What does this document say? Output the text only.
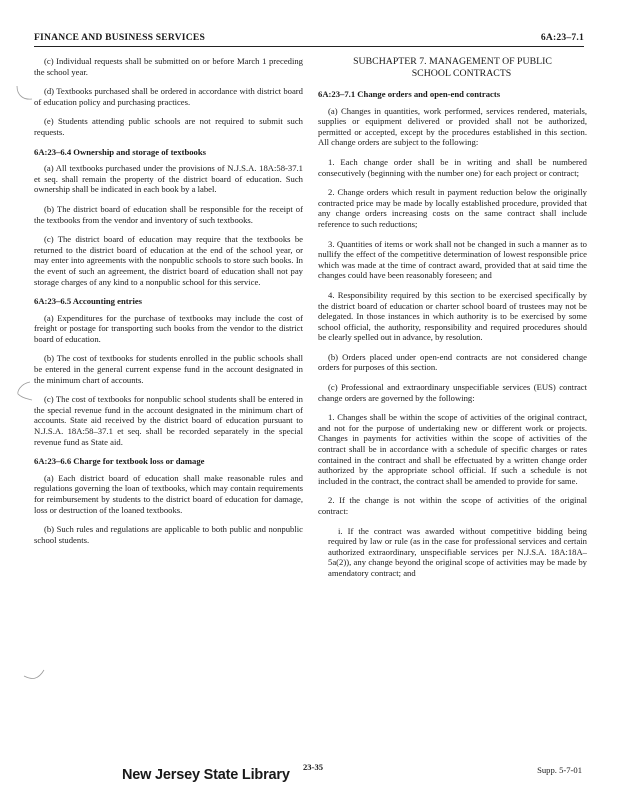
FINANCE AND BUSINESS SERVICES	6A:23–7.1

(c) Individual requests shall be submitted on or before March 1 preceding the school year.

(d) Textbooks purchased shall be ordered in accordance with district board of education policy and purchasing practices.

(e) Students attending public schools are not required to submit such requests.

6A:23–6.4 Ownership and storage of textbooks

(a) All textbooks purchased under the provisions of N.J.S.A. 18A:58-37.1 et seq. shall remain the property of the district board of education. Such ownership shall be indicated in each book by a label.

(b) The district board of education shall be responsible for the receipt of the textbooks from the vendor and inventory of such textbooks.

(c) The district board of education may require that the textbooks be returned to the district board of education at the end of the school year, or may enter into agreements with the nonpublic schools to store such books. In the event of such an agreement, the district board of education shall not pay storage charges of any kind to a nonpublic school for this service.

6A:23–6.5 Accounting entries

(a) Expenditures for the purchase of textbooks may include the cost of freight or postage for transporting such books from the vendor to the district board of education.

(b) The cost of textbooks for students enrolled in the public schools shall be entered in the general current expense fund in the account designated in the minimum chart of accounts.

(c) The cost of textbooks for nonpublic school students shall be entered in the special revenue fund in the account designated in the minimum chart of accounts. State aid received by the district board of education pursuant to N.J.S.A. 18A:58–37.1 et seq. shall be recorded separately in the special revenue fund as State aid.

6A:23–6.6 Charge for textbook loss or damage

(a) Each district board of education shall make reasonable rules and regulations governing the loan of textbooks, which may contain requirements for reimbursement by students to the district board of education for damage, loss or destruction of the loaned textbooks.

(b) Such rules and regulations are applicable to both public and nonpublic school students.

SUBCHAPTER 7. MANAGEMENT OF PUBLIC
SCHOOL CONTRACTS

6A:23–7.1 Change orders and open-end contracts

(a) Changes in quantities, work performed, services rendered, materials, supplies or equipment delivered or provided shall not be authorized, permitted or accepted, except by the procedures established in this section. All change orders are subject to the following:

1. Each change order shall be in writing and shall be numbered consecutively (beginning with the number one) for each project or contract;

2. Change orders which result in payment reduction below the originally contracted price may be made by locally established procedure, provided that any change orders increasing costs on the same contract shall include reference to such reductions;

3. Quantities of items or work shall not be changed in such a manner as to nullify the effect of the competitive determination of lowest responsible price which was made at the time of contract award, provided that at said time the changes could have been reasonably foreseen; and

4. Responsibility required by this section to be exercised specifically by the district board of education or charter school board of trustees may not be delegated. In those instances in which authority is to be exercised by some school official, the authority, responsibility and required procedures should be clearly spelled out in advance, by resolution.

(b) Orders placed under open-end contracts are not considered change orders for purposes of this section.

(c) Professional and extraordinary unspecifiable services (EUS) contract change orders are governed by the following:

1. Changes shall be within the scope of activities of the original contract, and not for the purpose of undertaking new or different work or projects. Changes in payments for activities within the scope of activities of the contract shall be in accordance with a schedule of specific charges or rates contained in the contract and shall be effectuated by a written change order authorized by the appropriate school official. If such a schedule is not included in the contract, the contract shall be amended to provide for same.

2. If the change is not within the scope of activities of the original contract:

i. If the contract was awarded without competitive bidding being required by law or rule (as in the case for professional services and certain authorized extraordinary, unspecifiable services per N.J.S.A. 18A:18A–5a(2)), any change beyond the original scope of activities may be made by amendatory contract; and

New Jersey State Library 23-35	Supp. 5-7-01
